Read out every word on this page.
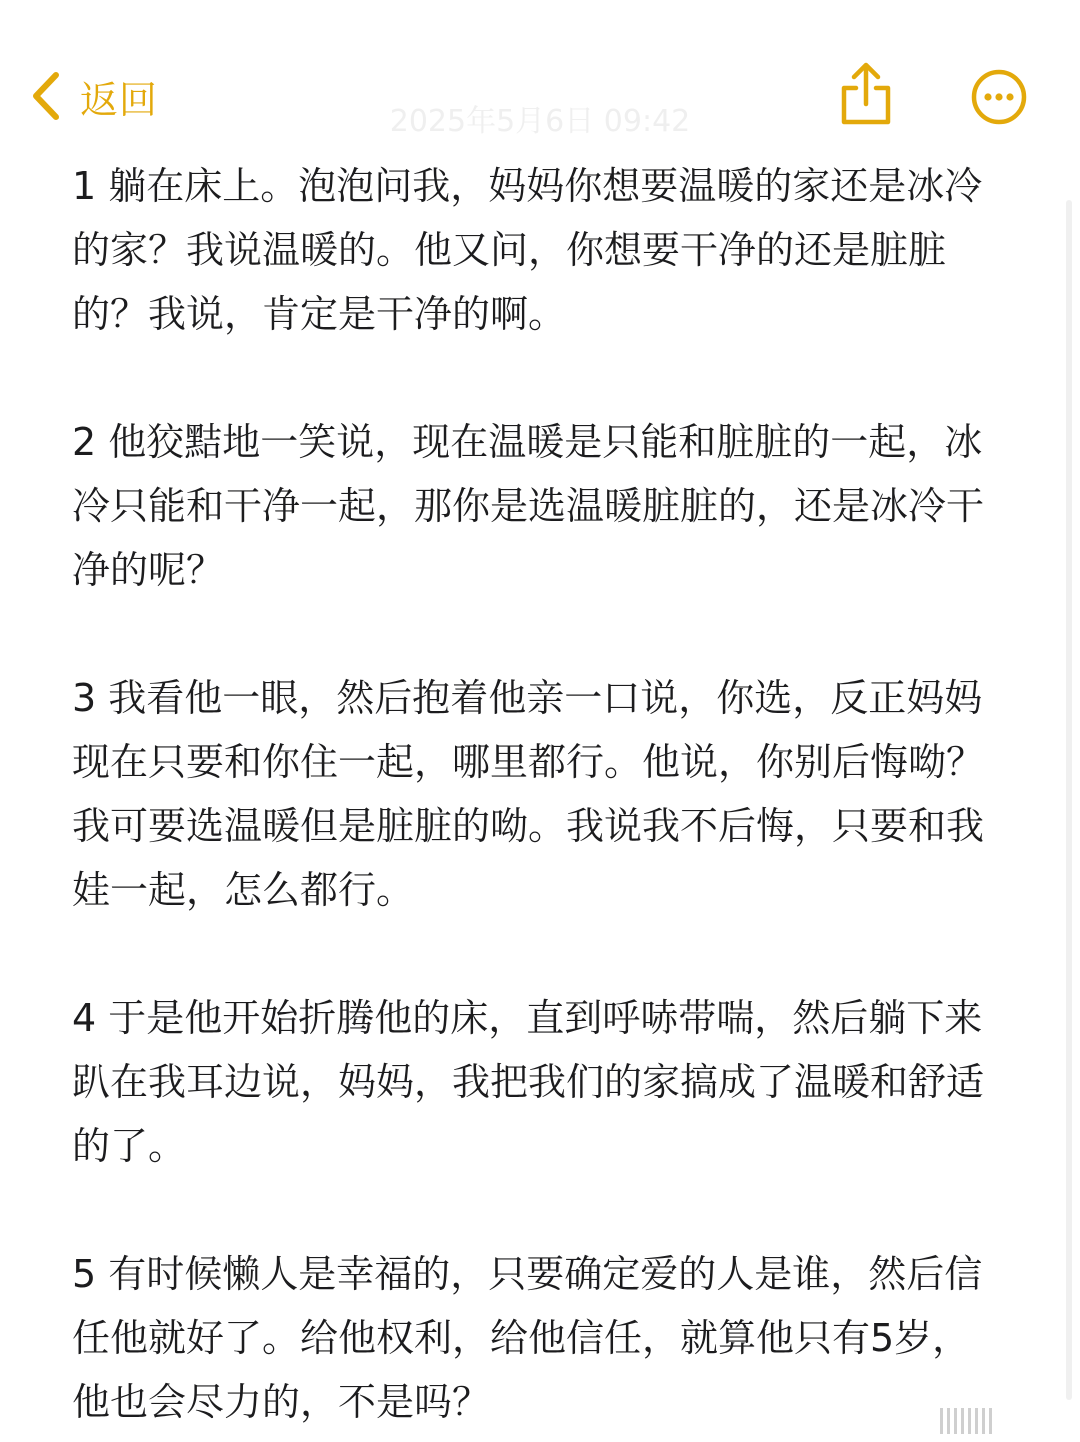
返回	2025年5月6日 09:42

1 躺在床上。泡泡问我，妈妈你想要温暖的家还是冰冷的家？我说温暖的。他又问，你想要干净的还是脏脏的？我说，肯定是干净的啊。

2 他狡黠地一笑说，现在温暖是只能和脏脏的一起，冰冷只能和干净一起，那你是选温暖脏脏的，还是冰冷干净的呢？

3 我看他一眼，然后抱着他亲一口说，你选，反正妈妈现在只要和你住一起，哪里都行。他说，你别后悔呦？我可要选温暖但是脏脏的呦。我说我不后悔，只要和我娃一起，怎么都行。

4 于是他开始折腾他的床，直到呼哧带喘，然后躺下来趴在我耳边说，妈妈，我把我们的家搞成了温暖和舒适的了。

5 有时候懒人是幸福的，只要确定爱的人是谁，然后信任他就好了。给他权利，给他信任，就算他只有5岁，他也会尽力的，不是吗？
